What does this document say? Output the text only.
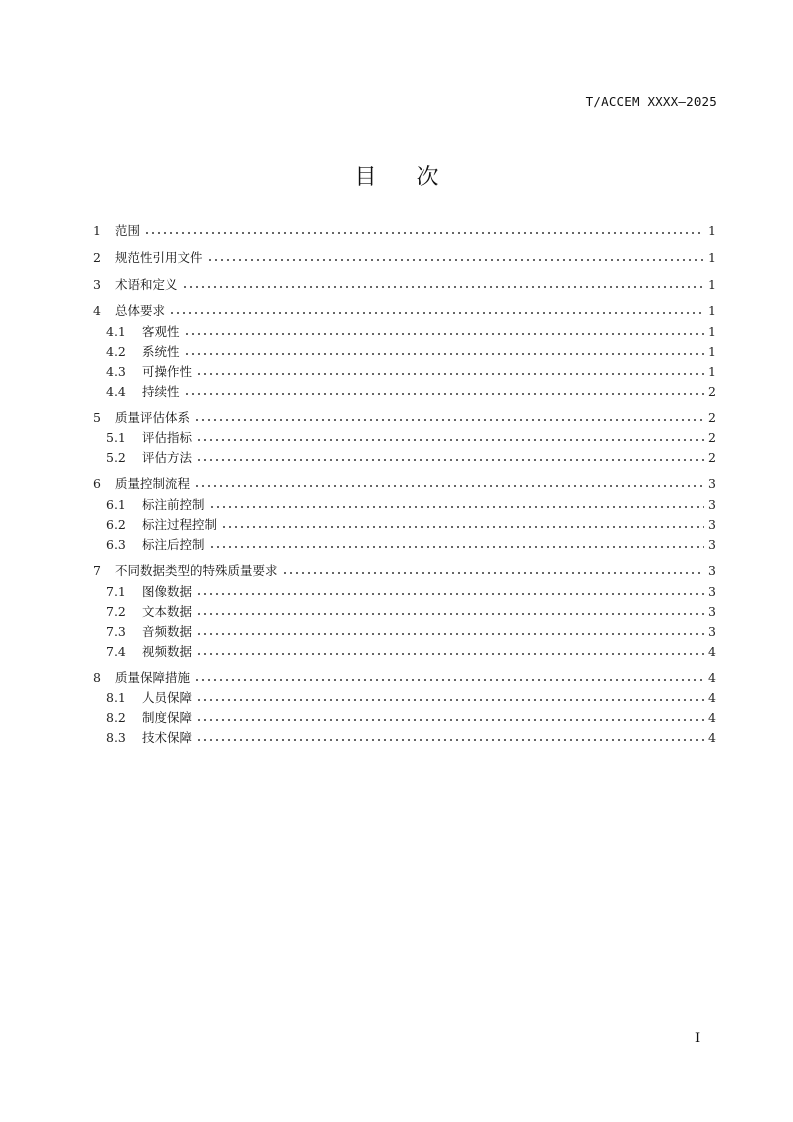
T/ACCEM XXXX—2025
目 次
1	范围	1
2	规范性引用文件	1
3	术语和定义	1
4	总体要求	1
4.1	客观性	1
4.2	系统性	1
4.3	可操作性	1
4.4	持续性	2
5	质量评估体系	2
5.1	评估指标	2
5.2	评估方法	2
6	质量控制流程	3
6.1	标注前控制	3
6.2	标注过程控制	3
6.3	标注后控制	3
7	不同数据类型的特殊质量要求	3
7.1	图像数据	3
7.2	文本数据	3
7.3	音频数据	3
7.4	视频数据	4
8	质量保障措施	4
8.1	人员保障	4
8.2	制度保障	4
8.3	技术保障	4
I
